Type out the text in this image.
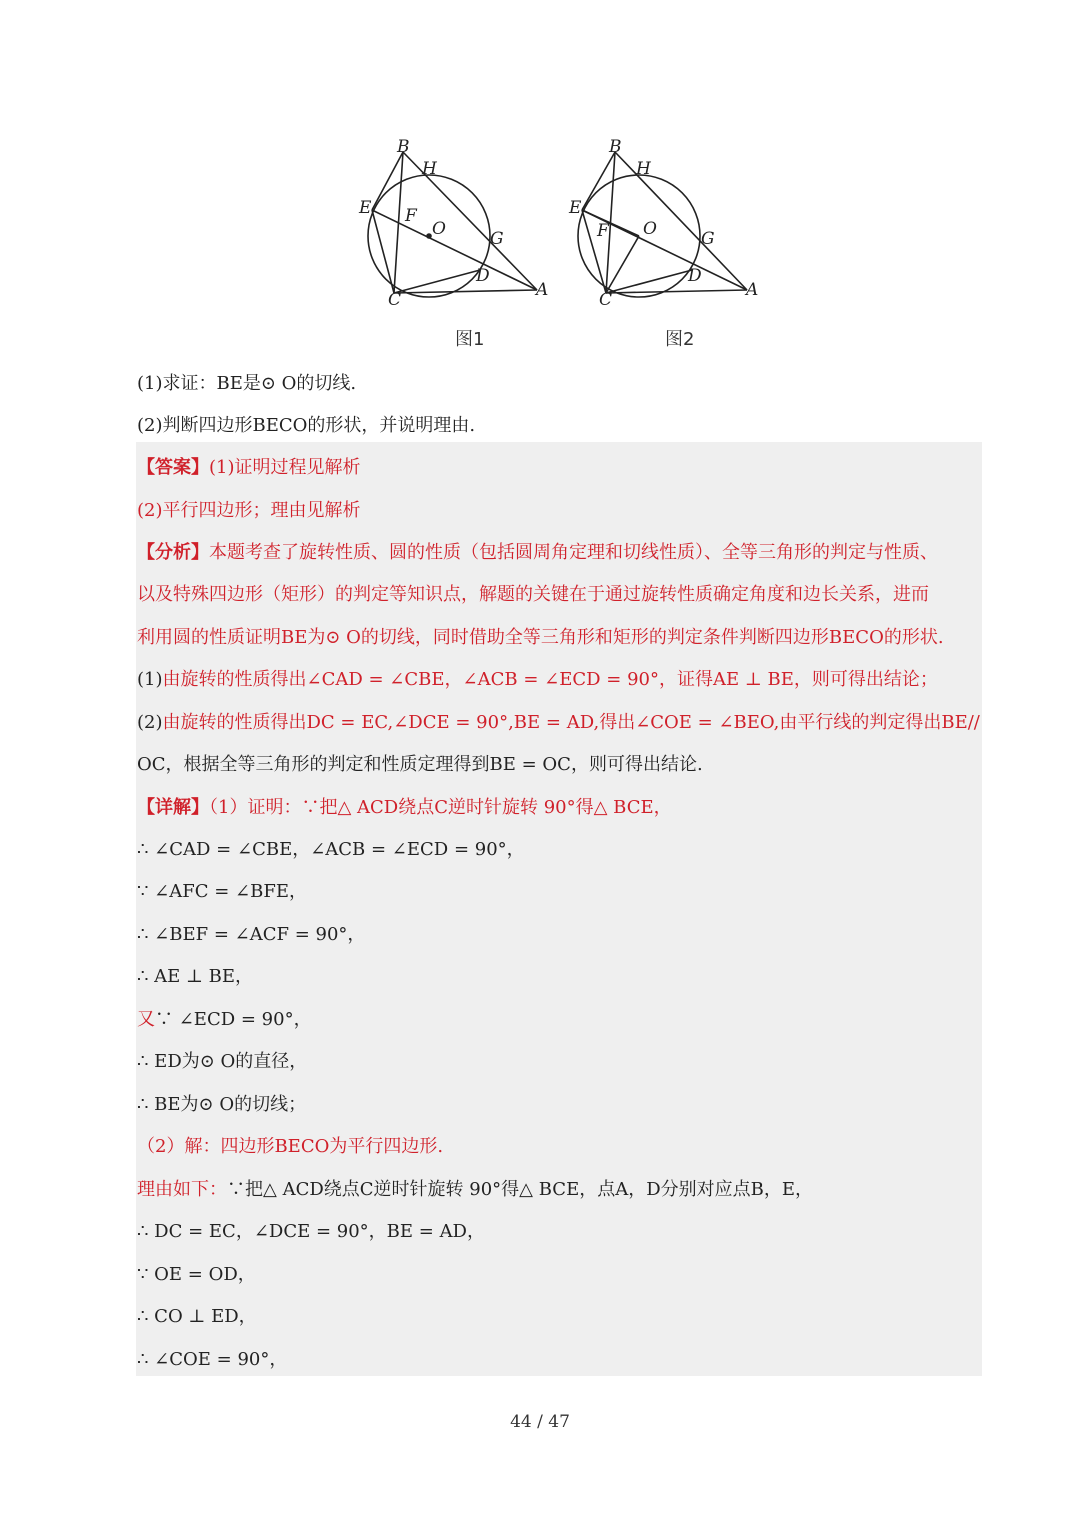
B
H
E F
O	G
D
C	A
图1
B
H
E
F O	G
D
C	A
图2
(1)求证：BE是⊙ O的切线.
(2)判断四边形BECO的形状，并说明理由.
【答案】(1)证明过程见解析
(2)平行四边形；理由见解析
【分析】本题考查了旋转性质、圆的性质（包括圆周角定理和切线性质）、全等三角形的判定与性质、
以及特殊四边形（矩形）的判定等知识点，解题的关键在于通过旋转性质确定角度和边长关系，进而
利用圆的性质证明BE为⊙ O的切线，同时借助全等三角形和矩形的判定条件判断四边形BECO的形状.
(1)由旋转的性质得出∠CAD = ∠CBE，∠ACB = ∠ECD = 90°，证得AE ⊥ BE，则可得出结论；
(2)由旋转的性质得出DC = EC,∠DCE = 90°,BE = AD,得出∠COE = ∠BEO,由平行线的判定得出BE//
OC，根据全等三角形的判定和性质定理得到BE = OC，则可得出结论.
【详解】（1）证明：∵把△ ACD绕点C逆时针旋转 90°得△ BCE，
∴ ∠CAD = ∠CBE，∠ACB = ∠ECD = 90°，
∵ ∠AFC = ∠BFE，
∴ ∠BEF = ∠ACF = 90°，
∴ AE ⊥ BE，
又∵ ∠ECD = 90°，
∴ ED为⊙ O的直径，
∴ BE为⊙ O的切线；
（2）解：四边形BECO为平行四边形.
理由如下：∵把△ ACD绕点C逆时针旋转 90°得△ BCE，点A，D分别对应点B，E，
∴ DC = EC，∠DCE = 90°，BE = AD，
∵ OE = OD，
∴ CO ⊥ ED，
∴ ∠COE = 90°，
44 / 47
